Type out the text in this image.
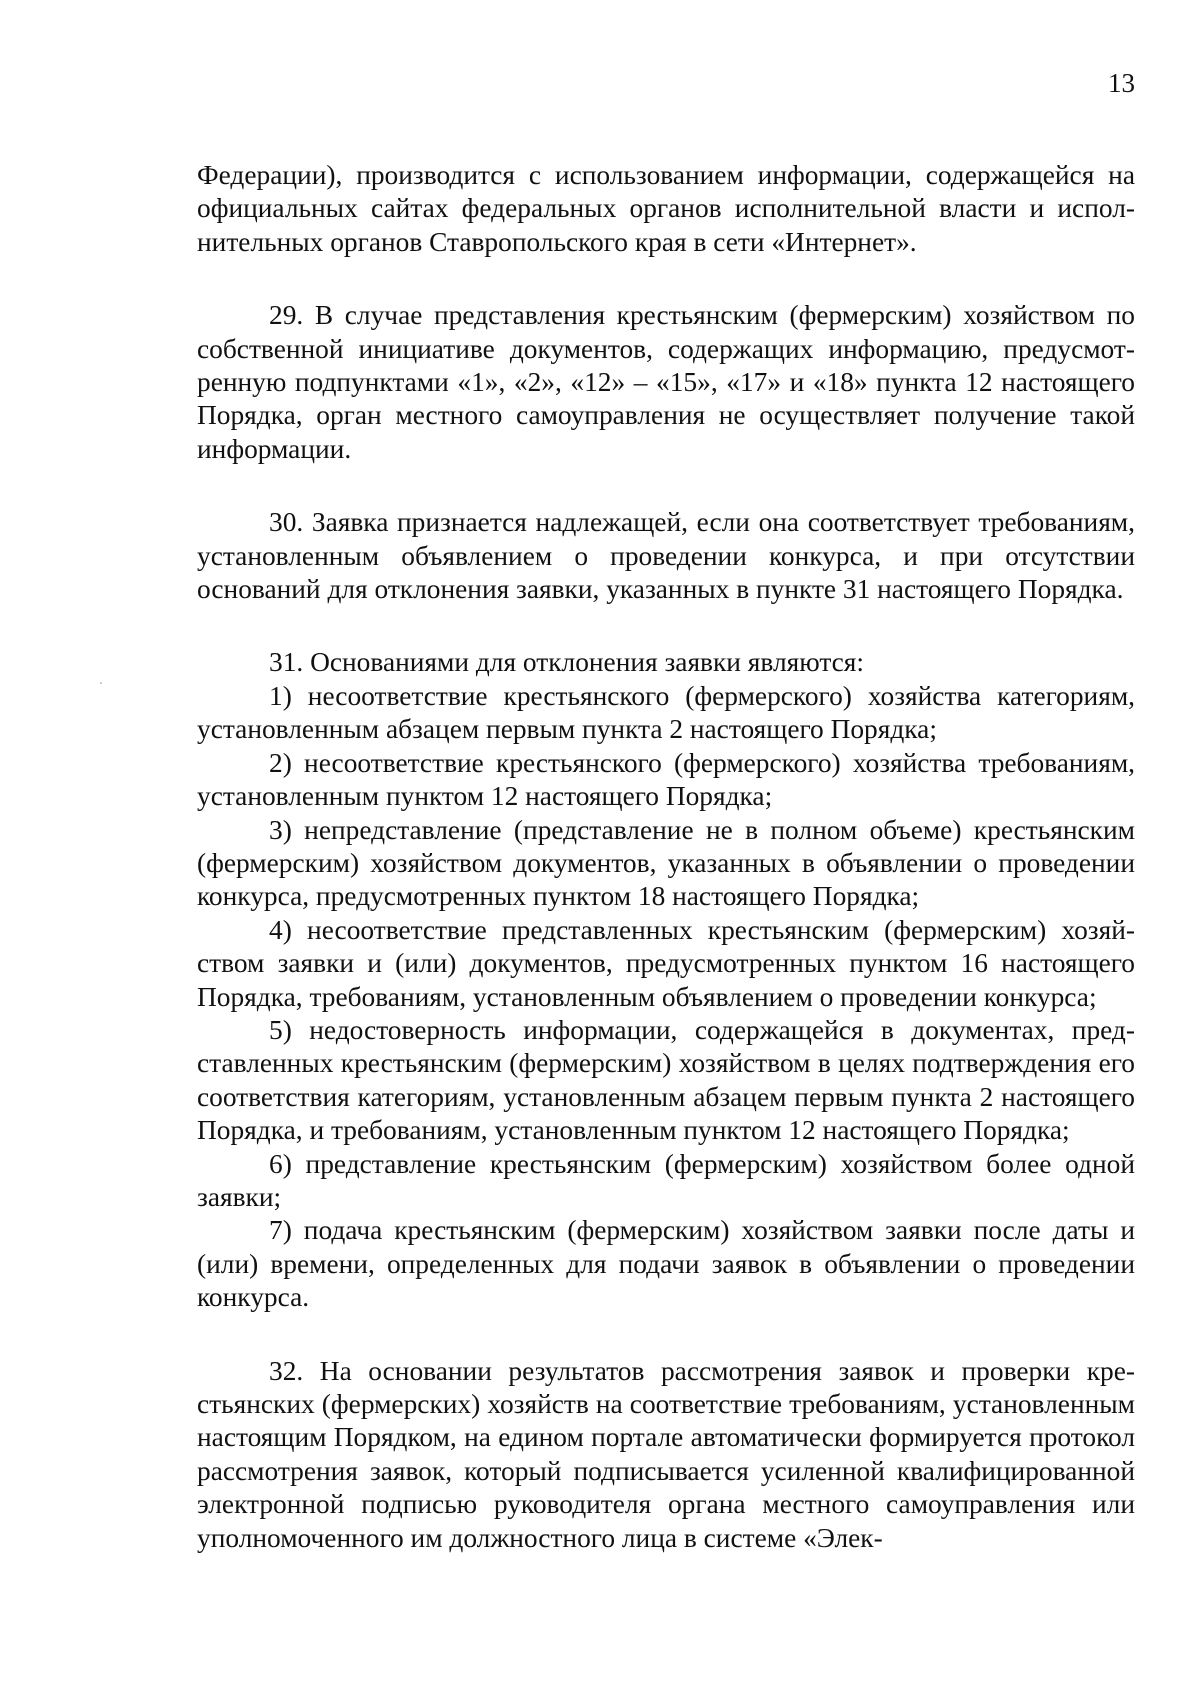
13

Федерации), производится с использованием информации, содержащейся на официальных сайтах федеральных органов исполнительной власти и исполнительных органов Ставропольского края в сети «Интернет».

29. В случае представления крестьянским (фермерским) хозяйством по собственной инициативе документов, содержащих информацию, предусмотренную подпунктами «1», «2», «12» – «15», «17» и «18» пункта 12 настоящего Порядка, орган местного самоуправления не осуществляет получение такой информации.

30. Заявка признается надлежащей, если она соответствует требованиям, установленным объявлением о проведении конкурса, и при отсутствии оснований для отклонения заявки, указанных в пункте 31 настоящего Порядка.

31. Основаниями для отклонения заявки являются:

1) несоответствие крестьянского (фермерского) хозяйства категориям, установленным абзацем первым пункта 2 настоящего Порядка;

2) несоответствие крестьянского (фермерского) хозяйства требованиям, установленным пунктом 12 настоящего Порядка;

3) непредставление (представление не в полном объеме) крестьянским (фермерским) хозяйством документов, указанных в объявлении о проведении конкурса, предусмотренных пунктом 18 настоящего Порядка;

4) несоответствие представленных крестьянским (фермерским) хозяйством заявки и (или) документов, предусмотренных пунктом 16 настоящего Порядка, требованиям, установленным объявлением о проведении конкурса;

5) недостоверность информации, содержащейся в документах, представленных крестьянским (фермерским) хозяйством в целях подтверждения его соответствия категориям, установленным абзацем первым пункта 2 настоящего Порядка, и требованиям, установленным пунктом 12 настоящего Порядка;

6) представление крестьянским (фермерским) хозяйством более одной заявки;

7) подача крестьянским (фермерским) хозяйством заявки после даты и (или) времени, определенных для подачи заявок в объявлении о проведении конкурса.

32. На основании результатов рассмотрения заявок и проверки крестьянских (фермерских) хозяйств на соответствие требованиям, установленным настоящим Порядком, на едином портале автоматически формируется протокол рассмотрения заявок, который подписывается усиленной квалифицированной электронной подписью руководителя органа местного самоуправления или уполномоченного им должностного лица в системе «Элек-
